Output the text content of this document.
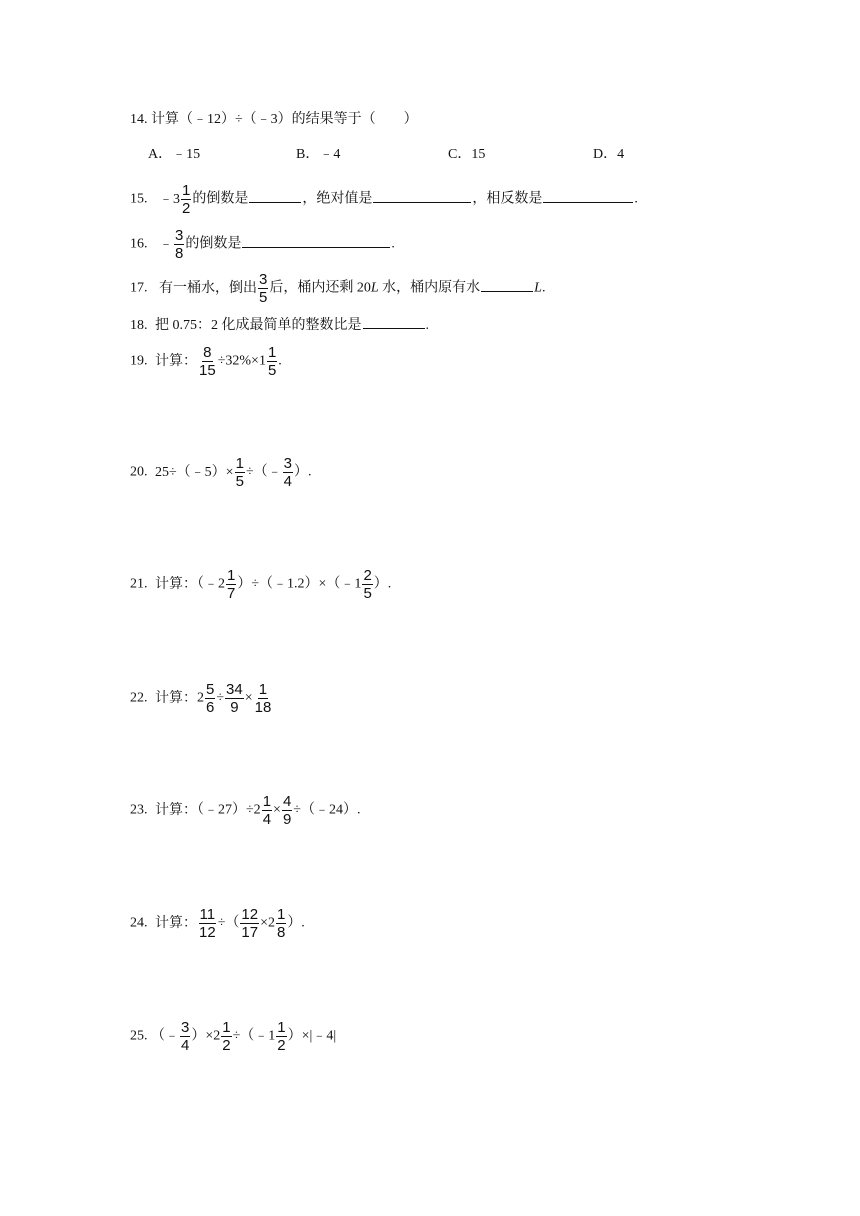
14. 计算（﹣12）÷（﹣3）的结果等于（　　）
A．﹣15	B．﹣4	C．15	D．4
15. ﹣3 $\frac{1}{2}$ 的倒数是	，绝对值是	，相反数是	.
16. ﹣ $\frac{3}{8}$ 的倒数是	.
17. 有一桶水，倒出 $\frac{3}{5}$ 后，桶内还剩 20L 水，桶内原有水	L.
18. 把 0.75：2 化成最简单的整数比是	.
19. 计算： $\frac{8}{15} \div 32\%\times 1 \frac{1}{5}$ .
20. 25÷（﹣5）× $\frac{1}{5}$ ÷（﹣ $\frac{3}{4}$ ）.
21. 计算：（﹣2 $\frac{1}{7}$ ）÷（﹣1.2）×（﹣1 $\frac{2}{5}$ ）.
22. 计算：$2 \frac{5}{6} \div \frac{34}{9} \times \frac{1}{18}$
23. 计算：（﹣27）÷2 $\frac{1}{4} \times \frac{4}{9}$ ÷（﹣24）.
24. 计算： $\frac{11}{12}$ ÷（ $\frac{12}{17} \times 2 \frac{1}{8}$ ）.
25. （﹣ $\frac{3}{4} )\times 2 \frac{1}{2}$ ÷（﹣1 $\frac{1}{2}$ ）×|﹣4|
